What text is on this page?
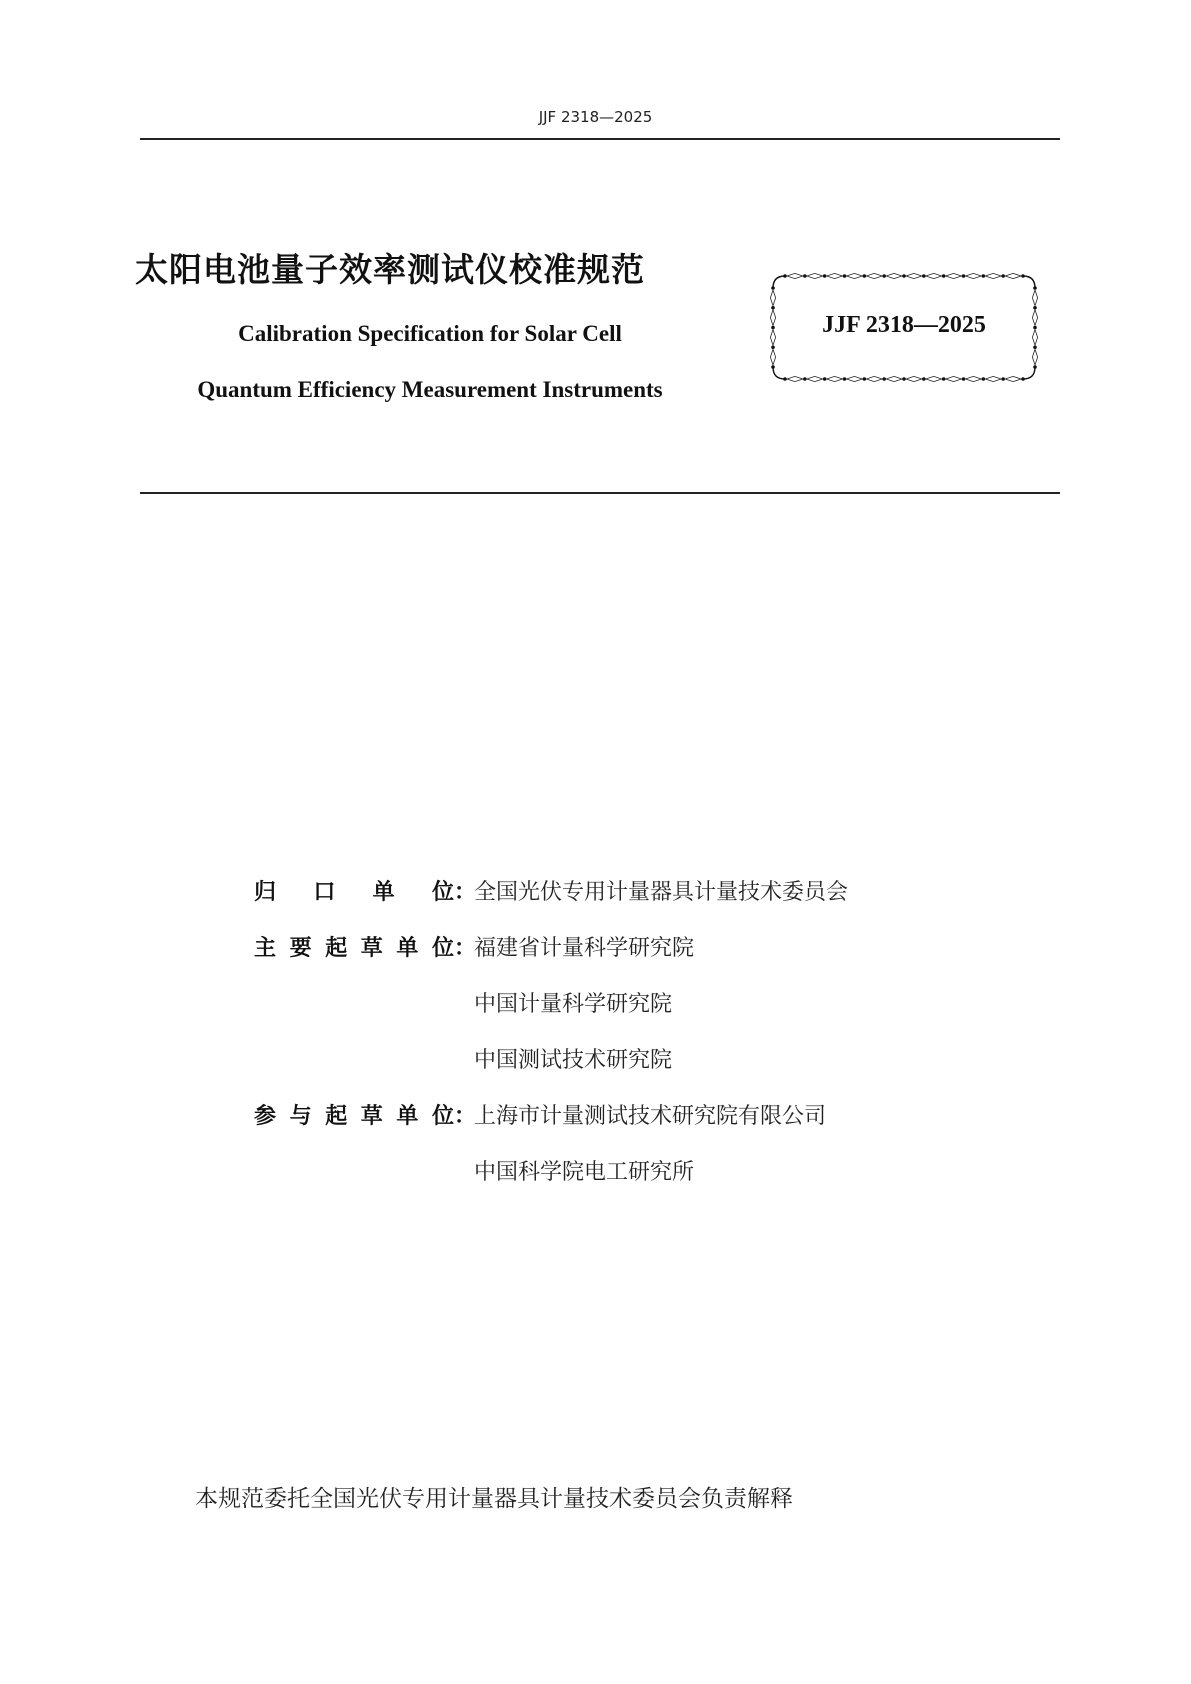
JJF 2318—2025
太阳电池量子效率测试仪校准规范

Calibration Specification for Solar Cell

Quantum Efficiency Measurement Instruments

JJF 2318—2025
归口单位 ：
全国光伏专用计量器具计量技术委员会
主要起草单位 ：
福建省计量科学研究院
中国计量科学研究院
中国测试技术研究院
参与起草单位 ：
上海市计量测试技术研究院有限公司
中国科学院电工研究所
本规范委托全国光伏专用计量器具计量技术委员会负责解释
